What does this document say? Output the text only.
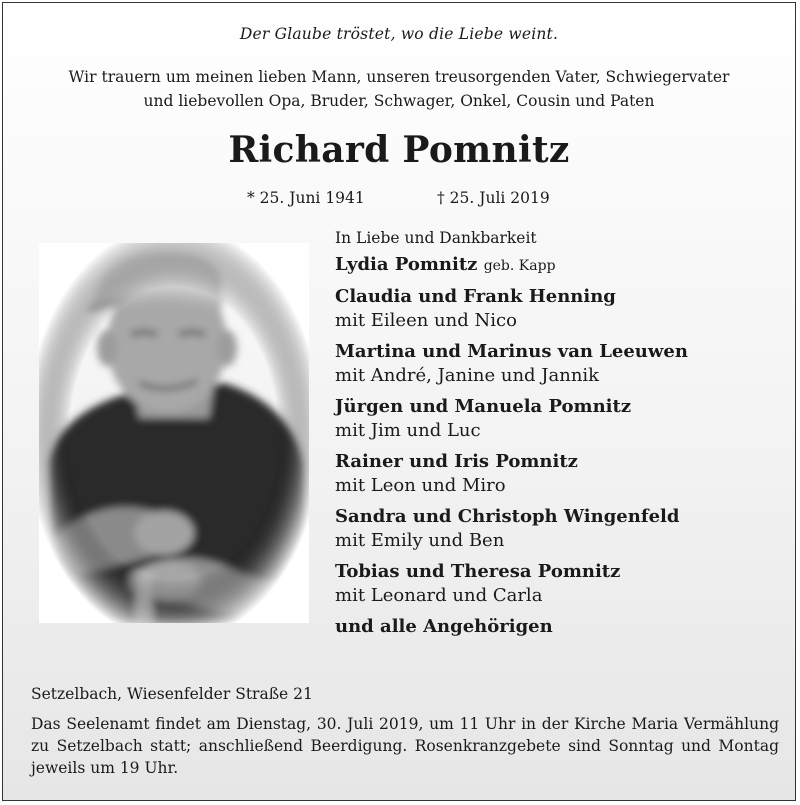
Der Glaube tröstet, wo die Liebe weint.
Wir trauern um meinen lieben Mann, unseren treusorgenden Vater, Schwiegervater
und liebevollen Opa, Bruder, Schwager, Onkel, Cousin und Paten
Richard Pomnitz
* 25. Juni 1941	† 25. Juli 2019
In Liebe und Dankbarkeit
Lydia Pomnitz geb. Kapp
Claudia und Frank Henning
mit Eileen und Nico
Martina und Marinus van Leeuwen
mit André, Janine und Jannik
Jürgen und Manuela Pomnitz
mit Jim und Luc
Rainer und Iris Pomnitz
mit Leon und Miro
Sandra und Christoph Wingenfeld
mit Emily und Ben
Tobias und Theresa Pomnitz
mit Leonard und Carla
und alle Angehörigen
Setzelbach, Wiesenfelder Straße 21
Das Seelenamt findet am Dienstag, 30. Juli 2019, um 11 Uhr in der Kirche Maria Vermählung zu Setzelbach statt; anschließend Beerdigung. Rosenkranzgebete sind Sonntag und Montag jeweils um 19 Uhr.
